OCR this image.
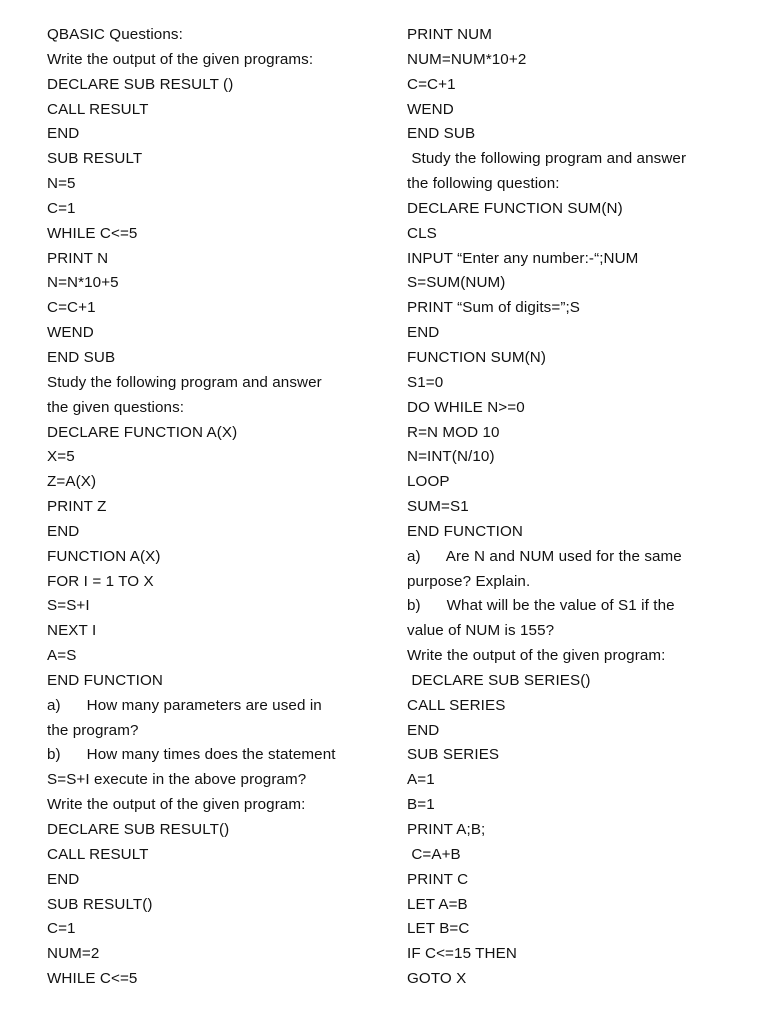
QBASIC Questions:
Write the output of the given programs:
DECLARE SUB RESULT ()
CALL RESULT
END
SUB RESULT
N=5
C=1
WHILE C<=5
PRINT N
N=N*10+5
C=C+1
WEND
END SUB
Study the following program and answer
the given questions:
DECLARE FUNCTION A(X)
X=5
Z=A(X)
PRINT Z
END
FUNCTION A(X)
FOR I = 1 TO X
S=S+I
NEXT I
A=S
END FUNCTION
a)      How many parameters are used in
the program?
b)      How many times does the statement
S=S+I execute in the above program?
Write the output of the given program:
DECLARE SUB RESULT()
CALL RESULT
END
SUB RESULT()
C=1
NUM=2
WHILE C<=5
PRINT NUM
NUM=NUM*10+2
C=C+1
WEND
END SUB
Study the following program and answer
the following question:
DECLARE FUNCTION SUM(N)
CLS
INPUT “Enter any number:-“;NUM
S=SUM(NUM)
PRINT “Sum of digits=”;S
END
FUNCTION SUM(N)
S1=0
DO WHILE N>=0
R=N MOD 10
N=INT(N/10)
LOOP
SUM=S1
END FUNCTION
a)      Are N and NUM used for the same
purpose? Explain.
b)      What will be the value of S1 if the
value of NUM is 155?
Write the output of the given program:
DECLARE SUB SERIES()
CALL SERIES
END
SUB SERIES
A=1
B=1
PRINT A;B;
C=A+B
PRINT C
LET A=B
LET B=C
IF C<=15 THEN
GOTO X
